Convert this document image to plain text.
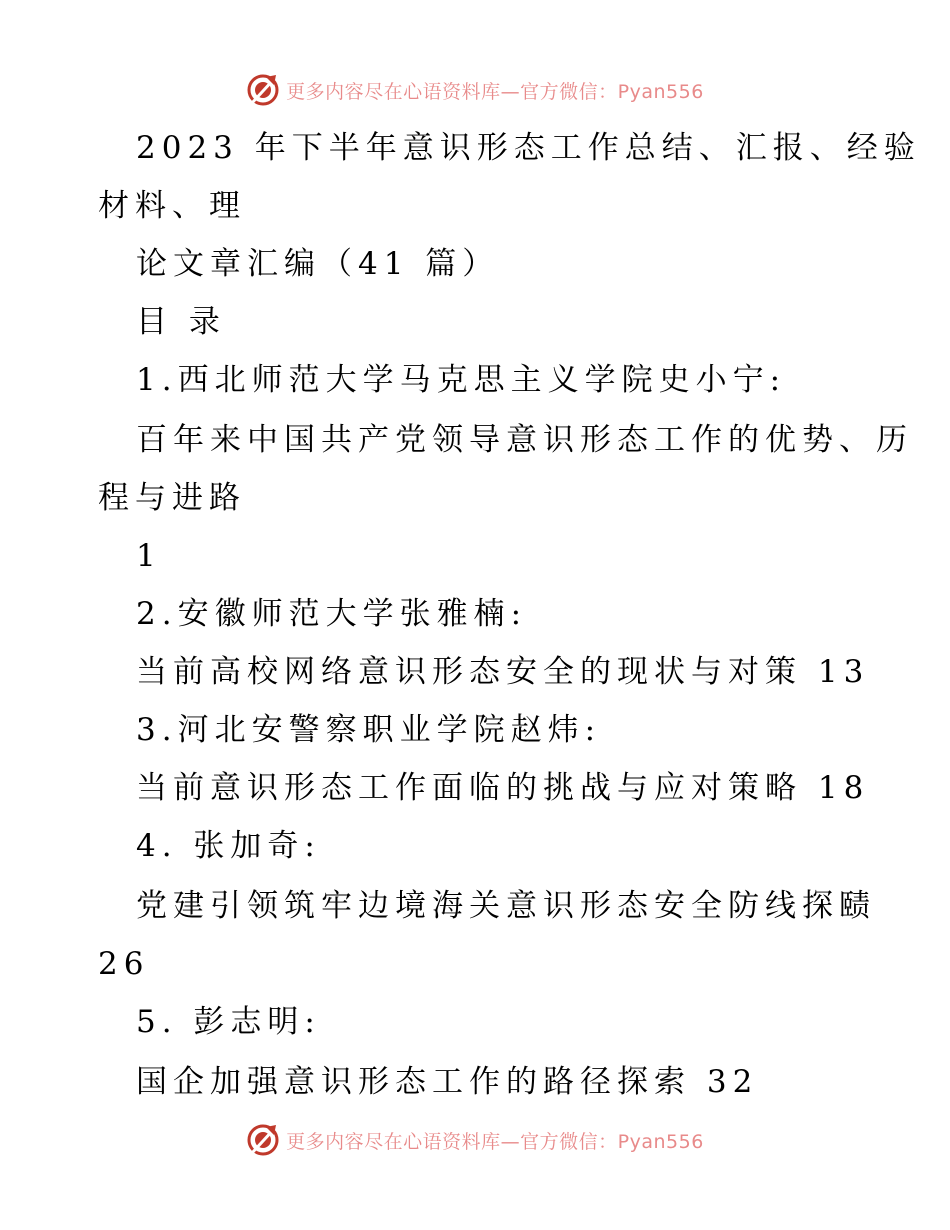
更多内容尽在心语资料库—官方微信：Pyan556
2023 年下半年意识形态工作总结、汇报、经验
材料、理
论文章汇编（41 篇）
目 录
1.西北师范大学马克思主义学院史小宁:
百年来中国共产党领导意识形态工作的优势、历
程与进路
1
2.安徽师范大学张雅楠:
当前高校网络意识形态安全的现状与对策 13
3.河北安警察职业学院赵炜:
当前意识形态工作面临的挑战与应对策略 18
4. 张加奇:
党建引领筑牢边境海关意识形态安全防线探赜
26
5. 彭志明:
国企加强意识形态工作的路径探索 32
更多内容尽在心语资料库—官方微信：Pyan556
